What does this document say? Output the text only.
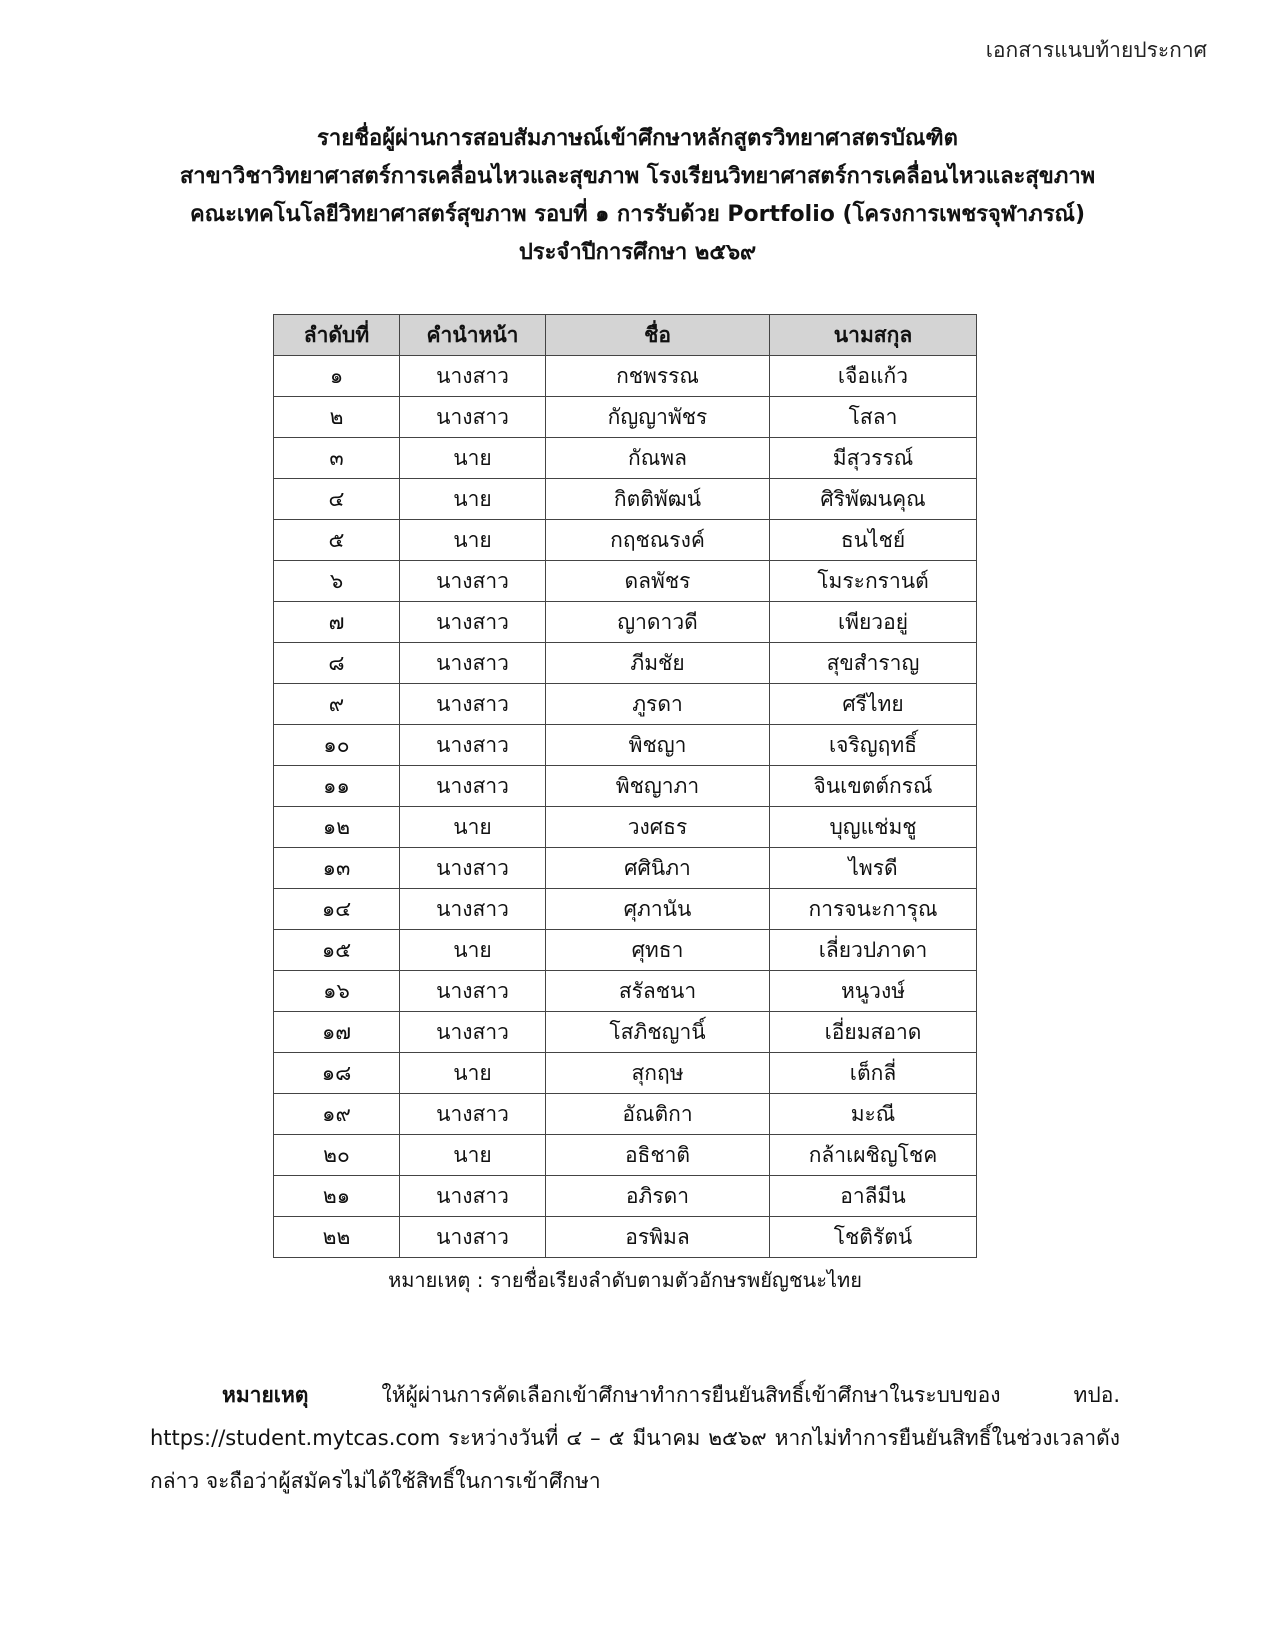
เอกสารแนบท้ายประกาศ
รายชื่อผู้ผ่านการสอบสัมภาษณ์เข้าศึกษาหลักสูตรวิทยาศาสตรบัณฑิต
สาขาวิชาวิทยาศาสตร์การเคลื่อนไหวและสุขภาพ โรงเรียนวิทยาศาสตร์การเคลื่อนไหวและสุขภาพ
คณะเทคโนโลยีวิทยาศาสตร์สุขภาพ รอบที่ ๑ การรับด้วย Portfolio (โครงการเพชรจุฬาภรณ์)
ประจำปีการศึกษา ๒๕๖๙
ลำดับที่	คำนำหน้า	ชื่อ	นามสกุล
๑	นางสาว	กชพรรณ	เจือแก้ว
๒	นางสาว	กัญญาพัชร	โสลา
๓	นาย	กัณพล	มีสุวรรณ์
๔	นาย	กิตติพัฒน์	ศิริพัฒนคุณ
๕	นาย	กฤชณรงค์	ธนไชย์
๖	นางสาว	ดลพัชร	โมระกรานต์
๗	นางสาว	ญาดาวดี	เพียวอยู่
๘	นางสาว	ภีมชัย	สุขสำราญ
๙	นางสาว	ภูรดา	ศรีไทย
๑๐	นางสาว	พิชญา	เจริญฤทธิ์
๑๑	นางสาว	พิชญาภา	จินเขตต์กรณ์
๑๒	นาย	วงศธร	บุญแช่มชู
๑๓	นางสาว	ศศินิภา	ไพรดี
๑๔	นางสาว	ศุภานัน	การจนะการุณ
๑๕	นาย	ศุทธา	เลี่ยวปภาดา
๑๖	นางสาว	สรัลชนา	หนูวงษ์
๑๗	นางสาว	โสภิชญานิ์	เอี่ยมสอาด
๑๘	นาย	สุกฤษ	เต็กลี่
๑๙	นางสาว	อัณติกา	มะณี
๒๐	นาย	อธิชาติ	กล้าเผชิญโชค
๒๑	นางสาว	อภิรดา	อาลีมีน
๒๒	นางสาว	อรพิมล	โชติรัตน์
หมายเหตุ : รายชื่อเรียงลำดับตามตัวอักษรพยัญชนะไทย
หมายเหตุ ให้ผู้ผ่านการคัดเลือกเข้าศึกษาทำการยืนยันสิทธิ์เข้าศึกษาในระบบของ ทปอ. https://student.mytcas.com ระหว่างวันที่ ๔ – ๕ มีนาคม ๒๕๖๙ หากไม่ทำการยืนยันสิทธิ์ในช่วงเวลาดังกล่าว จะถือว่าผู้สมัครไม่ได้ใช้สิทธิ์ในการเข้าศึกษา
